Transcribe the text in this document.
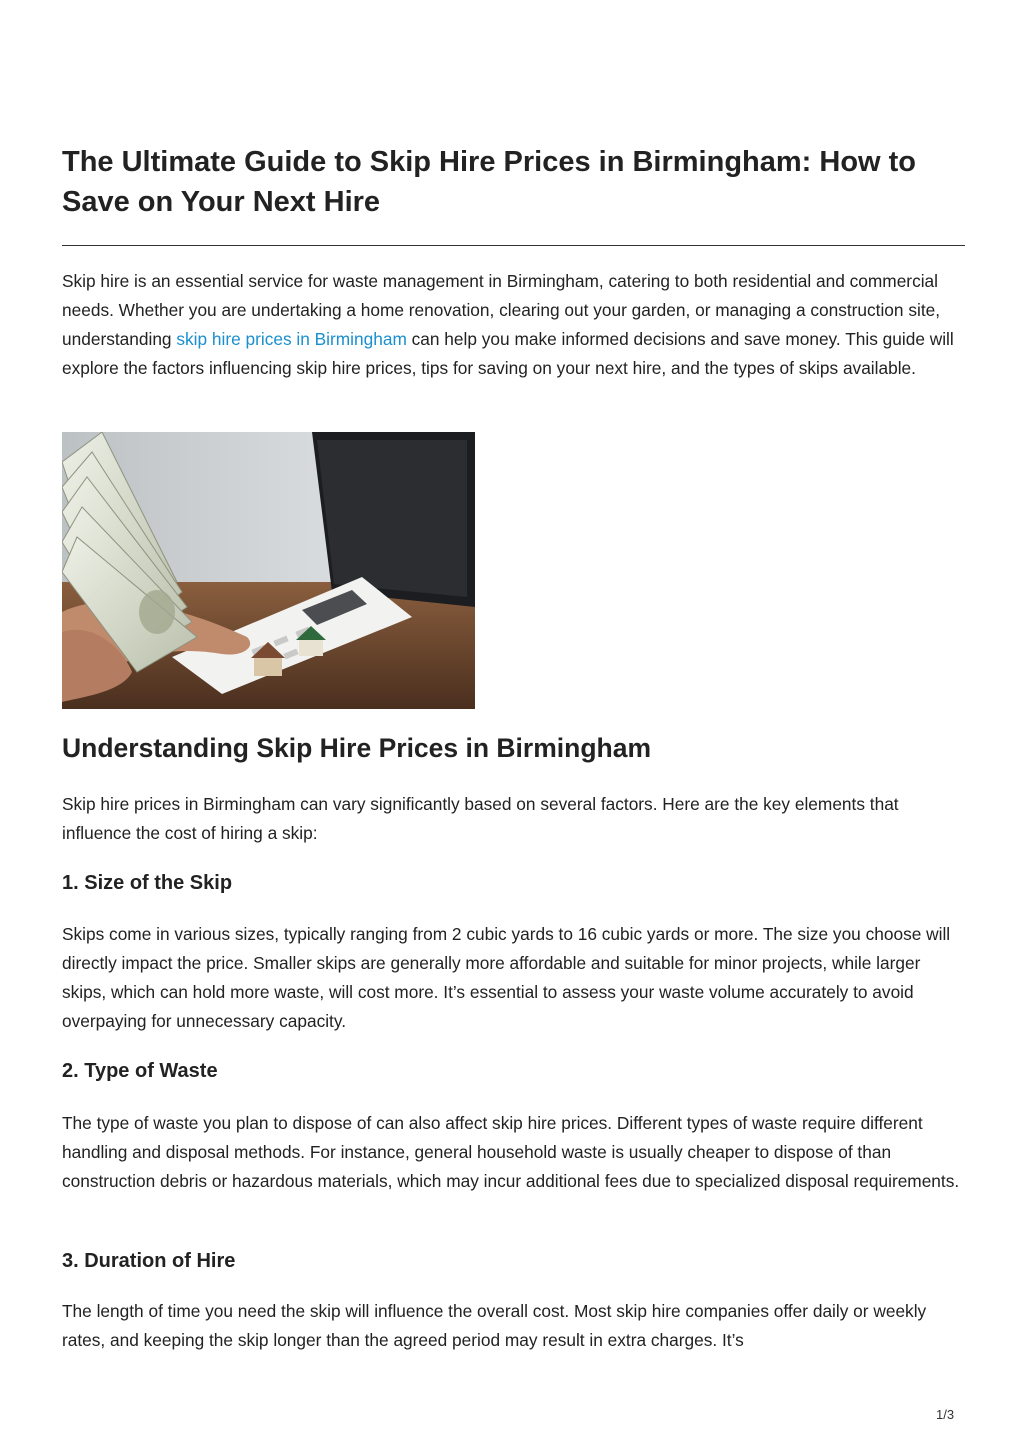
The Ultimate Guide to Skip Hire Prices in Birmingham: How to Save on Your Next Hire

Skip hire is an essential service for waste management in Birmingham, catering to both residential and commercial needs. Whether you are undertaking a home renovation, clearing out your garden, or managing a construction site, understanding skip hire prices in Birmingham can help you make informed decisions and save money. This guide will explore the factors influencing skip hire prices, tips for saving on your next hire, and the types of skips available.

Understanding Skip Hire Prices in Birmingham

Skip hire prices in Birmingham can vary significantly based on several factors. Here are the key elements that influence the cost of hiring a skip:

1. Size of the Skip

Skips come in various sizes, typically ranging from 2 cubic yards to 16 cubic yards or more. The size you choose will directly impact the price. Smaller skips are generally more affordable and suitable for minor projects, while larger skips, which can hold more waste, will cost more. It’s essential to assess your waste volume accurately to avoid overpaying for unnecessary capacity.

2. Type of Waste

The type of waste you plan to dispose of can also affect skip hire prices. Different types of waste require different handling and disposal methods. For instance, general household waste is usually cheaper to dispose of than construction debris or hazardous materials, which may incur additional fees due to specialized disposal requirements.

3. Duration of Hire

The length of time you need the skip will influence the overall cost. Most skip hire companies offer daily or weekly rates, and keeping the skip longer than the agreed period may result in extra charges. It’s

1/3
